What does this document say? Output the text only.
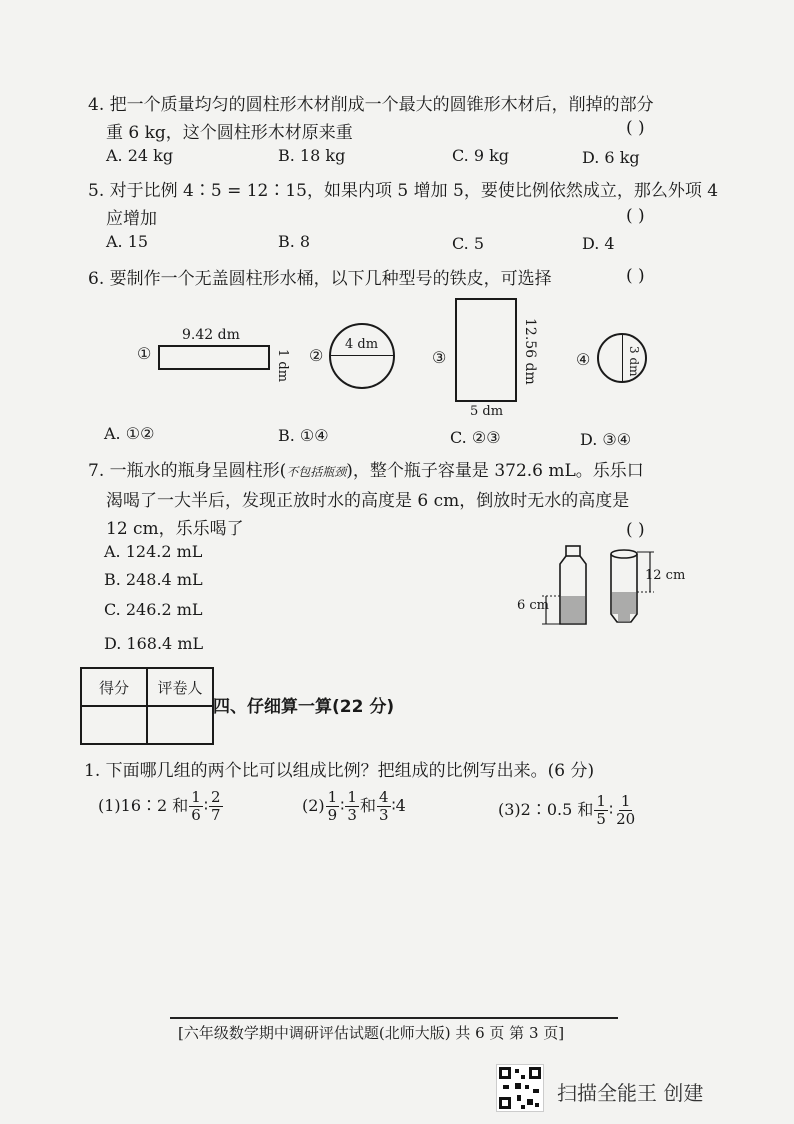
4. 把一个质量均匀的圆柱形木材削成一个最大的圆锥形木材后，削掉的部分
重 6 kg，这个圆柱形木材原来重	( )
A. 24 kg	B. 18 kg	C. 9 kg	D. 6 kg
5. 对于比例 4∶5 = 12∶15，如果内项 5 增加 5，要使比例依然成立，那么外项 4
应增加	( )
A. 15	B. 8	C. 5	D. 4
6. 要制作一个无盖圆柱形水桶，以下几种型号的铁皮，可选择	( )
①
9.42 dm
1 dm ②
4 dm
③	12.56 dm
5 dm
④	3 dm
A. ①②	B. ①④	C. ②③	D. ③④
7. 一瓶水的瓶身呈圆柱形(不包括瓶颈)，整个瓶子容量是 372.6 mL。乐乐口
渴喝了一大半后，发现正放时水的高度是 6 cm，倒放时无水的高度是
12 cm，乐乐喝了	( )
A. 124.2 mL
B. 248.4 mL
C. 246.2 mL
D. 168.4 mL
6 cm
12 cm
得分	评卷人

四、仔细算一算(22 分)
1. 下面哪几组的两个比可以组成比例？把组成的比例写出来。(6 分)
(1)16∶2 和 $\frac{1}{6}$ ∶ $\frac{2}{7}$	$(2) \frac{1}{9}$ ∶ $\frac{1}{3}$ 和 $\frac{4}{3}$ ∶4	(3)2∶0.5 和 $\frac{1}{5}$ ∶ $\frac{1}{20}$
[六年级数学期中调研评估试题(北师大版) 共 6 页 第 3 页]
扫描全能王 创建
